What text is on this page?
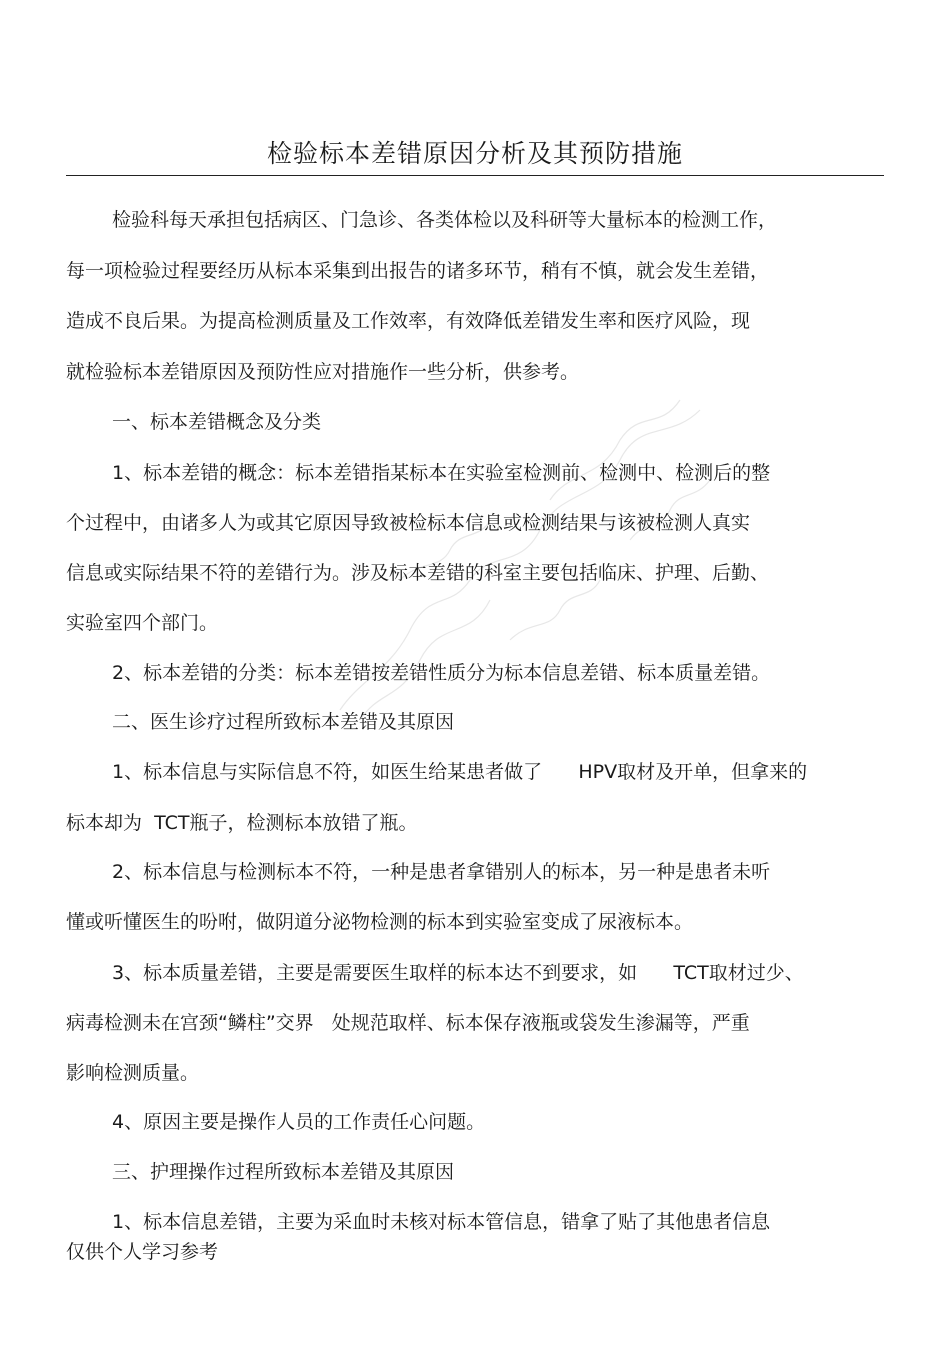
检验标本差错原因分析及其预防措施
检验科每天承担包括病区、门急诊、各类体检以及科研等大量标本的检测工作，
每一项检验过程要经历从标本采集到出报告的诸多环节，稍有不慎，就会发生差错，
造成不良后果。为提高检测质量及工作效率，有效降低差错发生率和医疗风险，现
就检验标本差错原因及预防性应对措施作一些分析，供参考。
一、标本差错概念及分类
1、标本差错的概念：标本差错指某标本在实验室检测前、检测中、检测后的整
个过程中，由诸多人为或其它原因导致被检标本信息或检测结果与该被检测人真实
信息或实际结果不符的差错行为。涉及标本差错的科室主要包括临床、护理、后勤、
实验室四个部门。
2、标本差错的分类：标本差错按差错性质分为标本信息差错、标本质量差错。
二、医生诊疗过程所致标本差错及其原因
1、标本信息与实际信息不符，如医生给某患者做了      HPV取材及开单，但拿来的
标本却为  TCT瓶子，检测标本放错了瓶。
2、标本信息与检测标本不符，一种是患者拿错别人的标本，另一种是患者未听
懂或听懂医生的吩咐，做阴道分泌物检测的标本到实验室变成了尿液标本。
3、标本质量差错，主要是需要医生取样的标本达不到要求，如      TCT取材过少、
病毒检测未在宫颈“鳞柱”交界   处规范取样、标本保存液瓶或袋发生渗漏等，严重
影响检测质量。
4、原因主要是操作人员的工作责任心问题。
三、护理操作过程所致标本差错及其原因
1、标本信息差错，主要为采血时未核对标本管信息，错拿了贴了其他患者信息
仅供个人学习参考
